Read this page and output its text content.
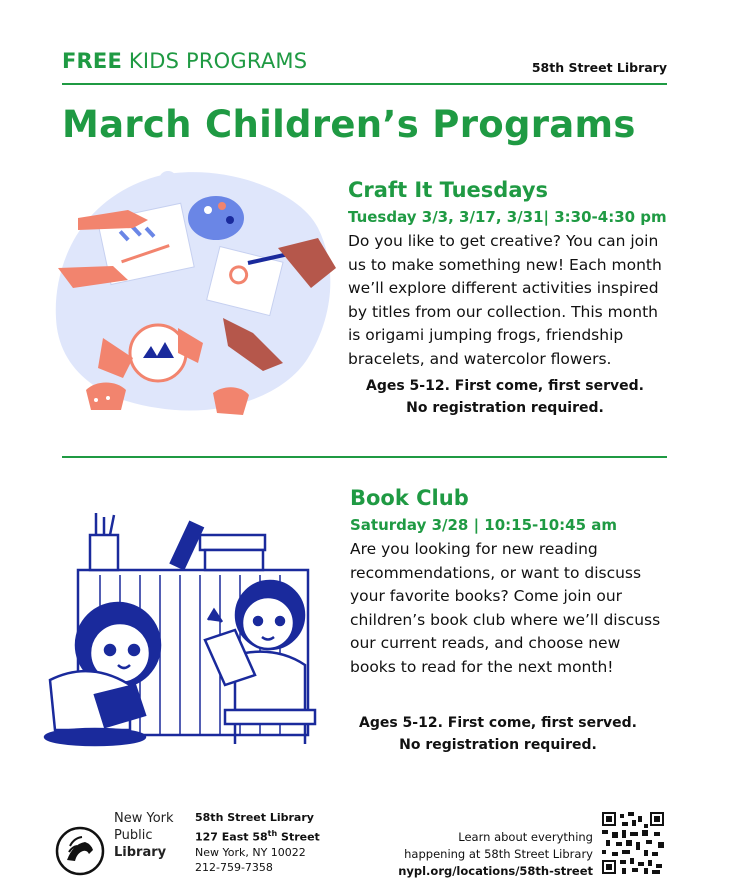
FREE KIDS PROGRAMS	58th Street Library
March Children’s Programs
Craft It Tuesdays
Tuesday 3/3, 3/17, 3/31| 3:30-4:30 pm
Do you like to get creative? You can join us to make something new! Each month we’ll explore different activities inspired by titles from our collection. This month is origami jumping frogs, friendship bracelets, and watercolor flowers.
Ages 5-12. First come, first served.
No registration required.
Book Club
Saturday 3/28 | 10:15-10:45 am
Are you looking for new reading recommendations, or want to discuss your favorite books? Come join our children’s book club where we’ll discuss our current reads, and choose new books to read for the next month!
Ages 5-12. First come, first served.
No registration required.
New York
Public
Library
58th Street Library
127 East 58th Street
New York, NY 10022
212-759-7358
Learn about everything
happening at 58th Street Library
nypl.org/locations/58th-street
